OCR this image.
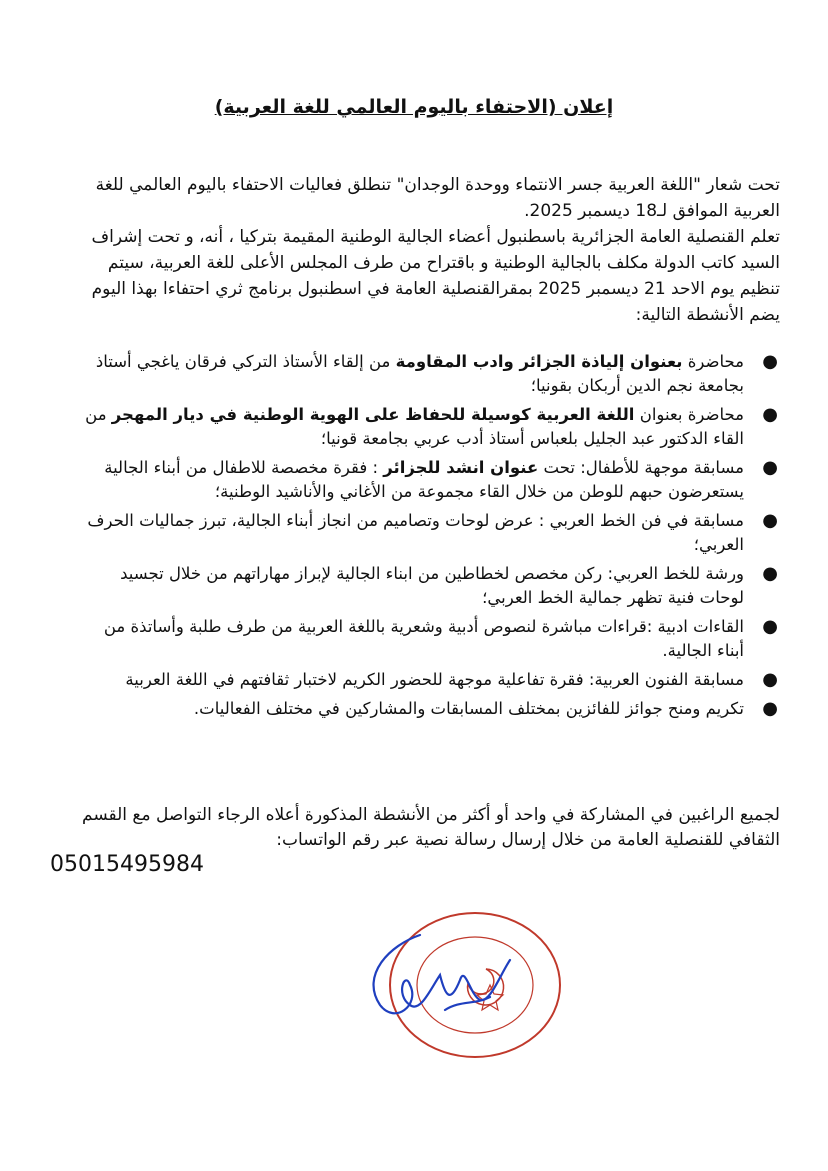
إعلان (الاحتفاء باليوم العالمي للغة العربية)

تحت شعار "اللغة العربية جسر الانتماء ووحدة الوجدان" تنطلق فعاليات الاحتفاء باليوم العالمي للغة العربية الموافق لـ18 ديسمبر 2025.

تعلم القنصلية العامة الجزائرية باسطنبول أعضاء الجالية الوطنية المقيمة بتركيا ، أنه، و تحت إشراف السيد كاتب الدولة مكلف بالجالية الوطنية و باقتراح من طرف المجلس الأعلى للغة العربية، سيتم تنظيم يوم الاحد 21 ديسمبر 2025 بمقرالقنصلية العامة في اسطنبول برنامج ثري احتفاءا بهذا اليوم يضم الأنشطة التالية:

●
محاضرة بعنوان إلياذة الجزائر وادب المقاومة من إلقاء الأستاذ التركي فرقان ياغجي أستاذ بجامعة نجم الدين أربكان بقونيا؛
●
محاضرة بعنوان اللغة العربية كوسيلة للحفاظ على الهوية الوطنية في ديار المهجر من القاء الدكتور عبد الجليل بلعباس أستاذ أدب عربي بجامعة قونيا؛
●
مسابقة موجهة للأطفال: تحت عنوان انشد للجزائر : فقرة مخصصة للاطفال من أبناء الجالية يستعرضون حبهم للوطن من خلال القاء مجموعة من الأغاني والأناشيد الوطنية؛
●
مسابقة في فن الخط العربي : عرض لوحات وتصاميم من انجاز أبناء الجالية، تبرز جماليات الحرف العربي؛
●
ورشة للخط العربي: ركن مخصص لخطاطين من ابناء الجالية لإبراز مهاراتهم من خلال تجسيد لوحات فنية تظهر جمالية الخط العربي؛
●
القاءات ادبية :قراءات مباشرة لنصوص أدبية وشعرية باللغة العربية من طرف طلبة وأساتذة من أبناء الجالية.
●
مسابقة الفنون العربية: فقرة تفاعلية موجهة للحضور الكريم لاختبار ثقافتهم في اللغة العربية
●
تكريم ومنح جوائز للفائزين بمختلف المسابقات والمشاركين في مختلف الفعاليات.

لجميع الراغبين في المشاركة في واحد أو أكثر من الأنشطة المذكورة أعلاه الرجاء التواصل مع القسم الثقافي للقنصلية العامة من خلال إرسال رسالة نصية عبر رقم الواتساب:

05015495984
